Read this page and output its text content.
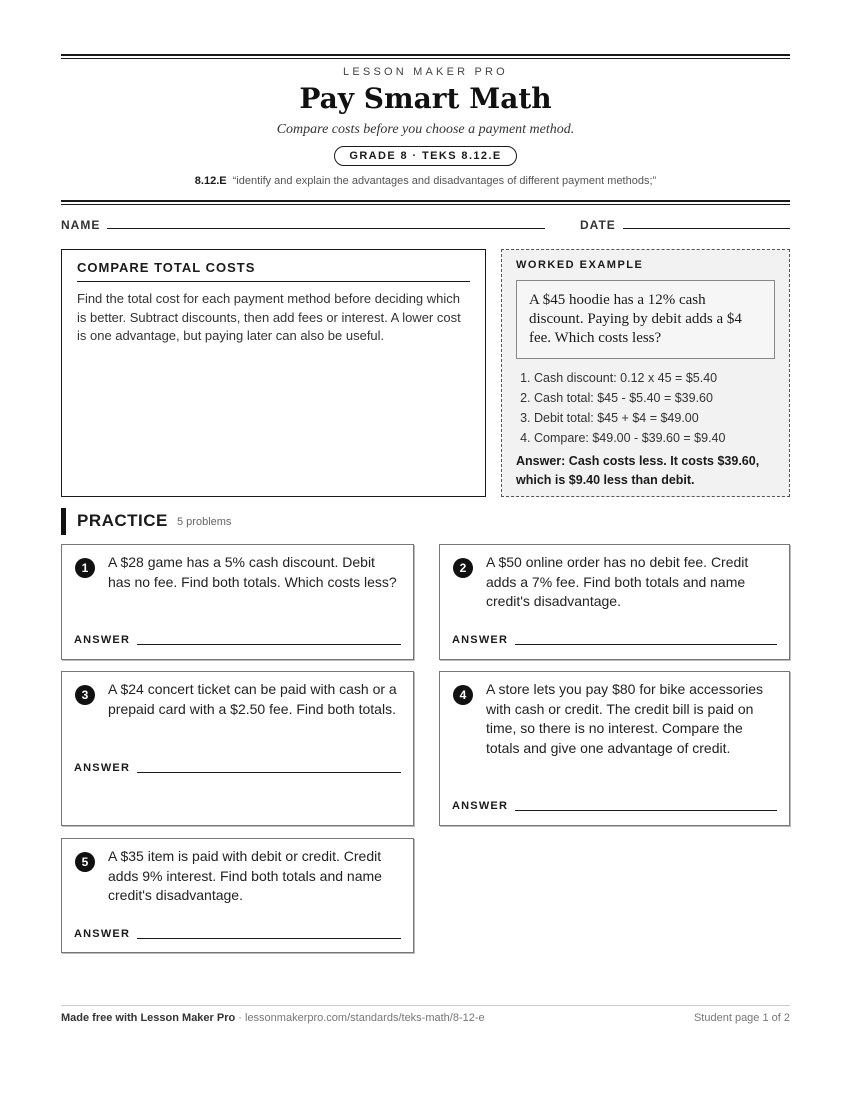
LESSON MAKER PRO
Pay Smart Math
Compare costs before you choose a payment method.
GRADE 8 · TEKS 8.12.E
8.12.E “identify and explain the advantages and disadvantages of different payment methods;”
NAME	DATE
COMPARE TOTAL COSTS

Find the total cost for each payment method before deciding which is better. Subtract discounts, then add fees or interest. A lower cost is one advantage, but paying later can also be useful.

WORKED EXAMPLE
A $45 hoodie has a 12% cash discount. Paying by debit adds a $4 fee. Which costs less?
1. Cash discount: 0.12 x 45 = $5.40
2. Cash total: $45 - $5.40 = $39.60
3. Debit total: $45 + $4 = $49.00
4. Compare: $49.00 - $39.60 = $9.40
Answer: Cash costs less. It costs $39.60, which is $9.40 less than debit.
PRACTICE 5 problems
1	A $28 game has a 5% cash discount. Debit has no fee. Find both totals. Which costs less?
ANSWER
2	A $50 online order has no debit fee. Credit adds a 7% fee. Find both totals and name credit's disadvantage.
ANSWER
3	A $24 concert ticket can be paid with cash or a prepaid card with a $2.50 fee. Find both totals.
ANSWER
4	A store lets you pay $80 for bike accessories with cash or credit. The credit bill is paid on time, so there is no interest. Compare the totals and give one advantage of credit.
ANSWER
5	A $35 item is paid with debit or credit. Credit adds 9% interest. Find both totals and name credit's disadvantage.
ANSWER
Made free with Lesson Maker Pro · lessonmakerpro.com/standards/teks-math/8-12-e	Student page 1 of 2
